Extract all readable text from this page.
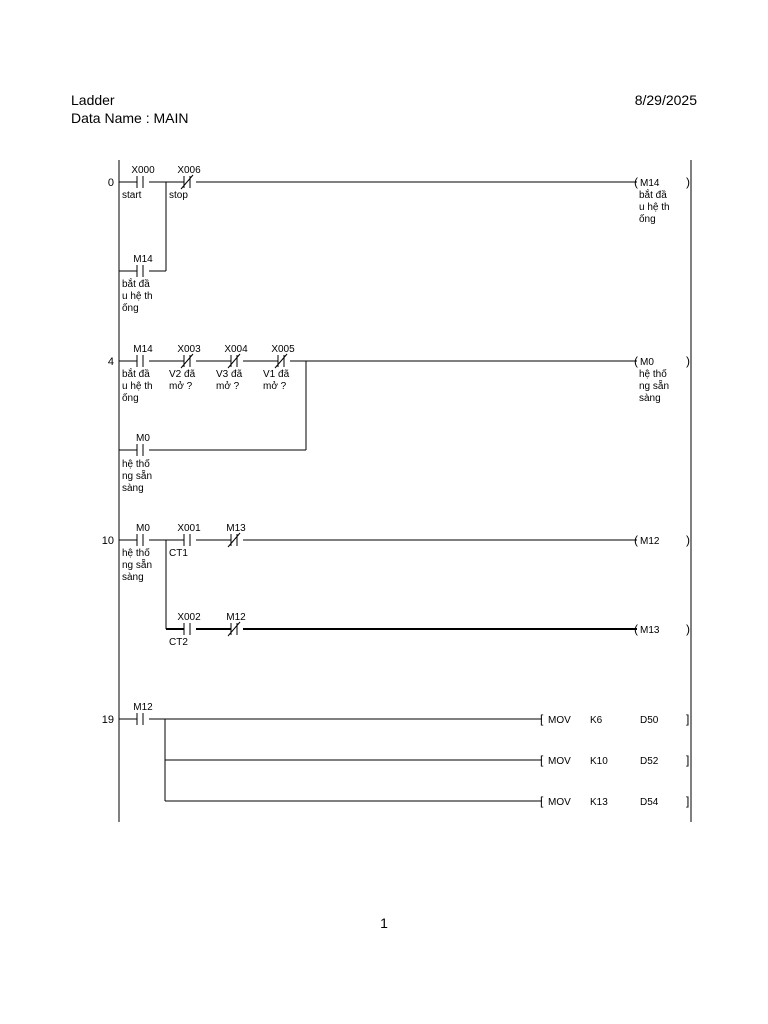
Ladder
Data Name : MAIN
8/29/2025
0
X000
start
X006
stop
M14
bắt đầ
u hệ th
ống
( M14 )
bắt đầ
u hệ th
ống
4
M14
bắt đầ
u hệ th
ống
X003
V2 đã
mở ?
X004
V3 đã
mở ?
X005
V1 đã
mở ?
M0
hệ thố
ng sẵn
sàng
( M0	)
hệ thố
ng sẵn
sàng
10
M0
hệ thố
ng sẵn
sàng
X001
CT1
M13
X002
CT2
M12
( M12 )
( M13 )
19
M12
[ MOV K6	D50 ]
[ MOV K10	D52 ]
[ MOV K13	D54 ]
1
